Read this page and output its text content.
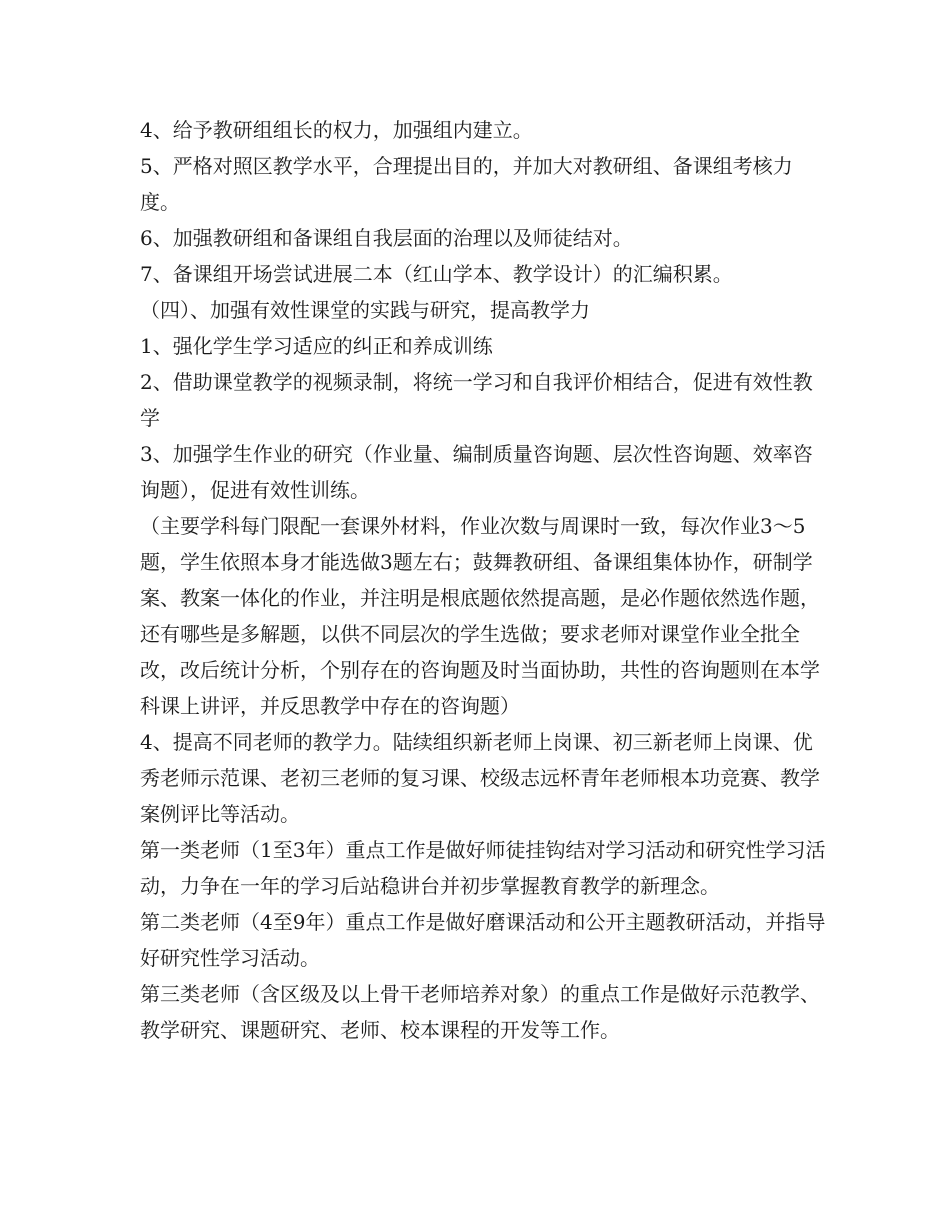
4、给予教研组组长的权力，加强组内建立。

5、严格对照区教学水平，合理提出目的，并加大对教研组、备课组考核力度。

6、加强教研组和备课组自我层面的治理以及师徒结对。

7、备课组开场尝试进展二本（红山学本、教学设计）的汇编积累。

（四）、加强有效性课堂的实践与研究，提高教学力

1、强化学生学习适应的纠正和养成训练

2、借助课堂教学的视频录制，将统一学习和自我评价相结合，促进有效性教学

3、加强学生作业的研究（作业量、编制质量咨询题、层次性咨询题、效率咨询题），促进有效性训练。

（主要学科每门限配一套课外材料，作业次数与周课时一致，每次作业3～5题，学生依照本身才能选做3题左右；鼓舞教研组、备课组集体协作，研制学案、教案一体化的作业，并注明是根底题依然提高题，是必作题依然选作题，还有哪些是多解题，以供不同层次的学生选做；要求老师对课堂作业全批全改，改后统计分析，个别存在的咨询题及时当面协助，共性的咨询题则在本学科课上讲评，并反思教学中存在的咨询题）

4、提高不同老师的教学力。陆续组织新老师上岗课、初三新老师上岗课、优秀老师示范课、老初三老师的复习课、校级志远杯青年老师根本功竞赛、教学案例评比等活动。

第一类老师（1至3年）重点工作是做好师徒挂钩结对学习活动和研究性学习活动，力争在一年的学习后站稳讲台并初步掌握教育教学的新理念。

第二类老师（4至9年）重点工作是做好磨课活动和公开主题教研活动，并指导好研究性学习活动。

第三类老师（含区级及以上骨干老师培养对象）的重点工作是做好示范教学、教学研究、课题研究、老师、校本课程的开发等工作。
